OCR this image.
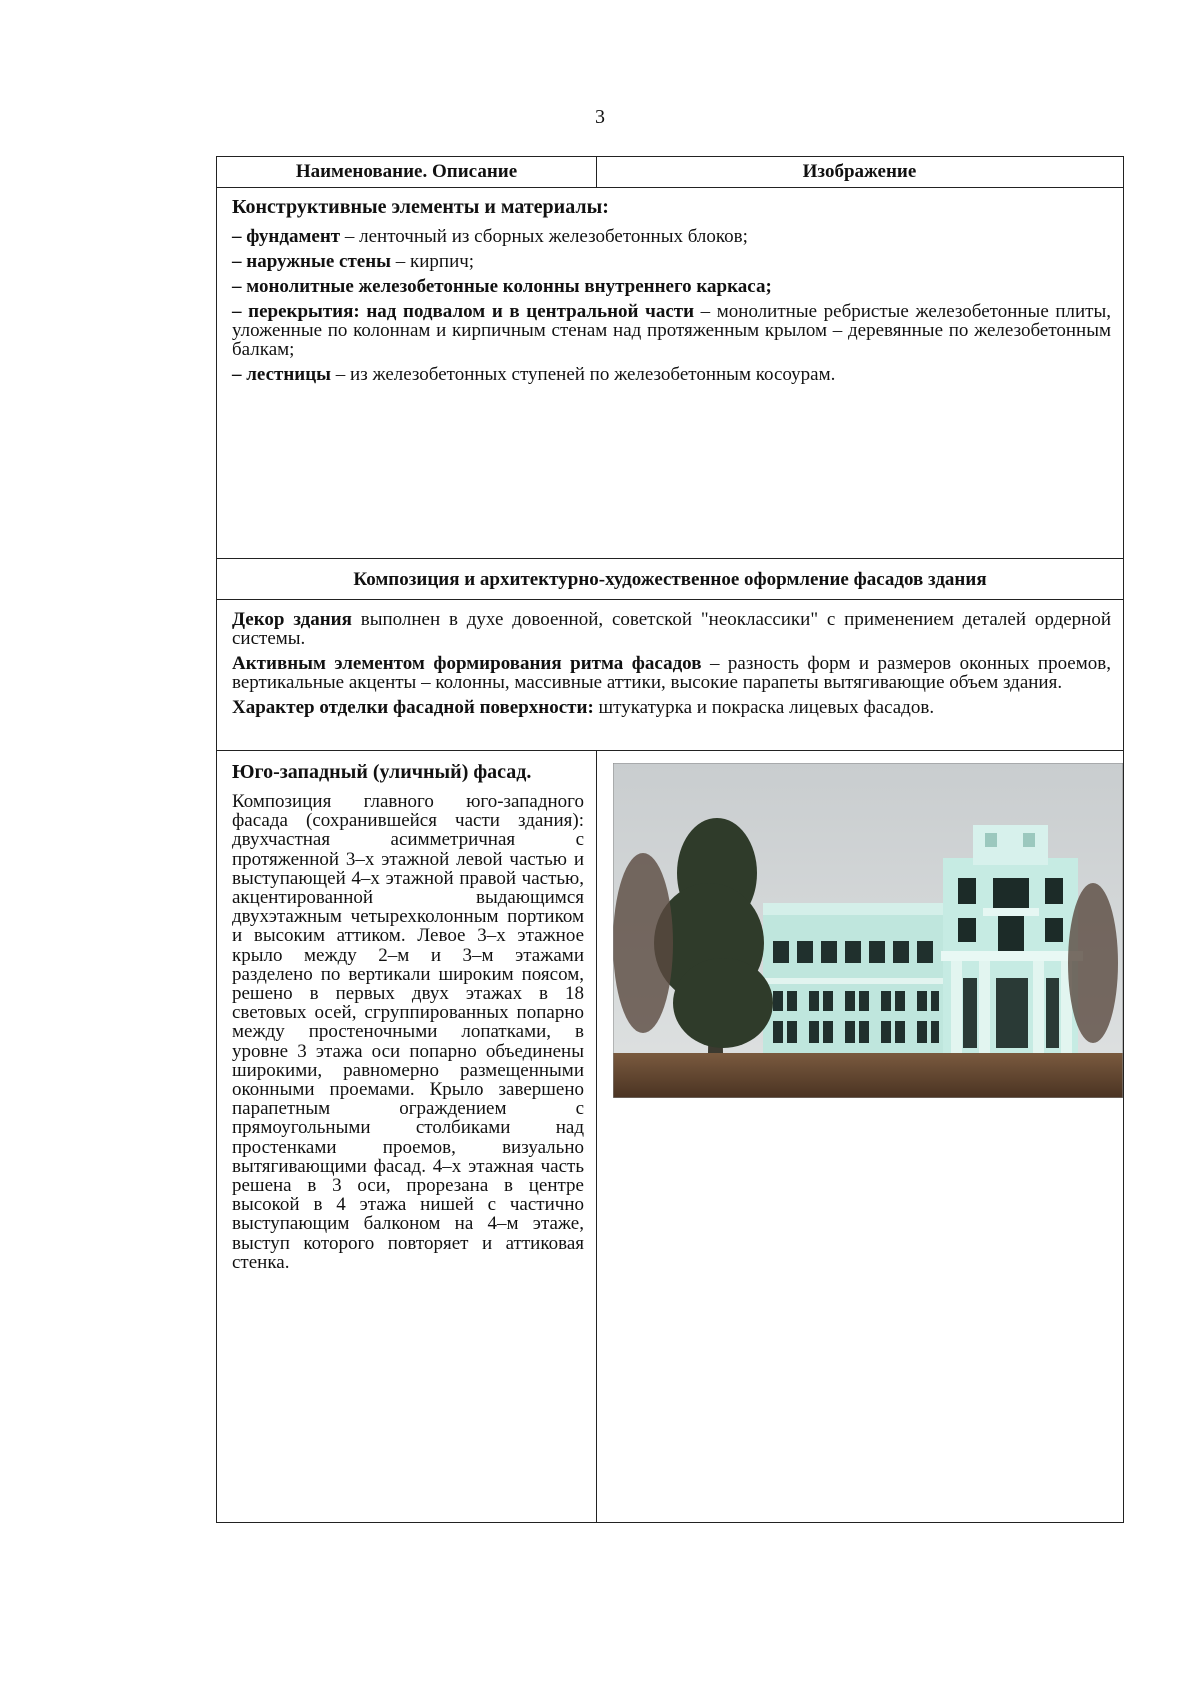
3
Наименование. Описание	Изображение

Конструктивные элементы и материалы:

– фундамент – ленточный из сборных железобетонных блоков;

– наружные стены – кирпич;

– монолитные железобетонные колонны внутреннего каркаса;

– перекрытия: над подвалом и в центральной части – монолитные ребристые железобетонные плиты, уложенные по колоннам и кирпичным стенам над протяженным крылом – деревянные по железобетонным балкам;

– лестницы – из железобетонных ступеней по железобетонным косоурам.

Композиция и архитектурно-художественное оформление фасадов здания

Декор здания выполнен в духе довоенной, советской "неоклассики" с применением деталей ордерной системы.

Активным элементом формирования ритма фасадов – разность форм и размеров оконных проемов, вертикальные акценты – колонны, массивные аттики, высокие парапеты вытягивающие объем здания.

Характер отделки фасадной поверхности: штукатурка и покраска лицевых фасадов.

Юго-западный (уличный) фасад.

Композиция главного юго-западного фасада (сохранившейся части здания): двухчастная асимметричная с протяженной 3–х этажной левой частью и выступающей 4–х этажной правой частью, акцентированной выдающимся двухэтажным четырехколонным портиком и высоким аттиком. Левое 3–х этажное крыло между 2–м и 3–м этажами разделено по вертикали широким поясом, решено в первых двух этажах в 18 световых осей, сгруппированных попарно между простеночными лопатками, в уровне 3 этажа оси попарно объединены широкими, равномерно размещенными оконными проемами. Крыло завершено парапетным ограждением с прямоугольными столбиками над простенками проемов, визуально вытягивающими фасад. 4–х этажная часть решена в 3 оси, прорезана в центре высокой в 4 этажа нишей с частично выступающим балконом на 4–м этаже, выступ которого повторяет и аттиковая стенка.
